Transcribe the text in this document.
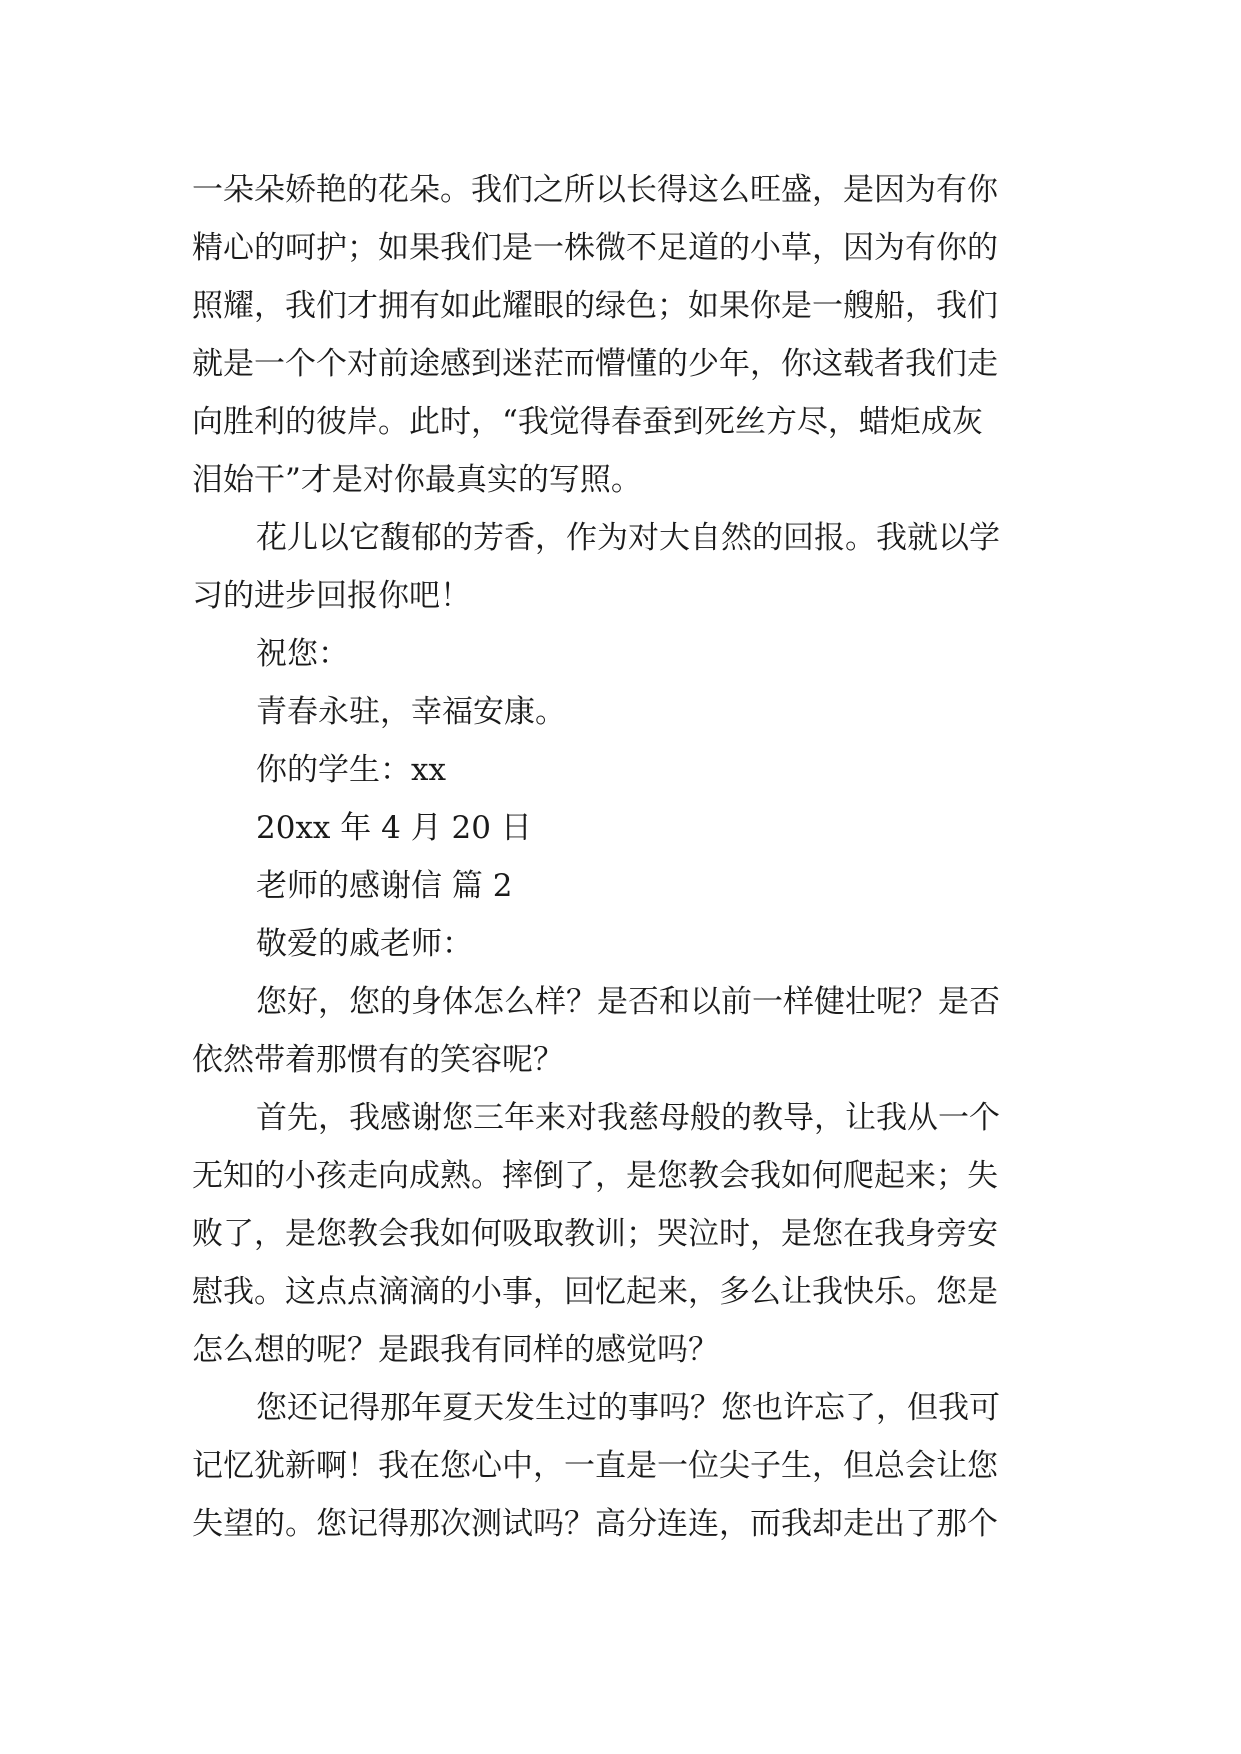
一朵朵娇艳的花朵。我们之所以长得这么旺盛，是因为有你
精心的呵护；如果我们是一株微不足道的小草，因为有你的
照耀，我们才拥有如此耀眼的绿色；如果你是一艘船，我们
就是一个个对前途感到迷茫而懵懂的少年，你这载者我们走
向胜利的彼岸。此时，“我觉得春蚕到死丝方尽，蜡炬成灰
泪始干”才是对你最真实的写照。
花儿以它馥郁的芳香，作为对大自然的回报。我就以学
习的进步回报你吧！
祝您：
青春永驻，幸福安康。
你的学生：xx
20xx 年 4 月 20 日
老师的感谢信 篇 2
敬爱的戚老师：
您好，您的身体怎么样？是否和以前一样健壮呢？是否
依然带着那惯有的笑容呢？
首先，我感谢您三年来对我慈母般的教导，让我从一个
无知的小孩走向成熟。摔倒了，是您教会我如何爬起来；失
败了，是您教会我如何吸取教训；哭泣时，是您在我身旁安
慰我。这点点滴滴的小事，回忆起来，多么让我快乐。您是
怎么想的呢？是跟我有同样的感觉吗？
您还记得那年夏天发生过的事吗？您也许忘了，但我可
记忆犹新啊！我在您心中，一直是一位尖子生，但总会让您
失望的。您记得那次测试吗？高分连连，而我却走出了那个
